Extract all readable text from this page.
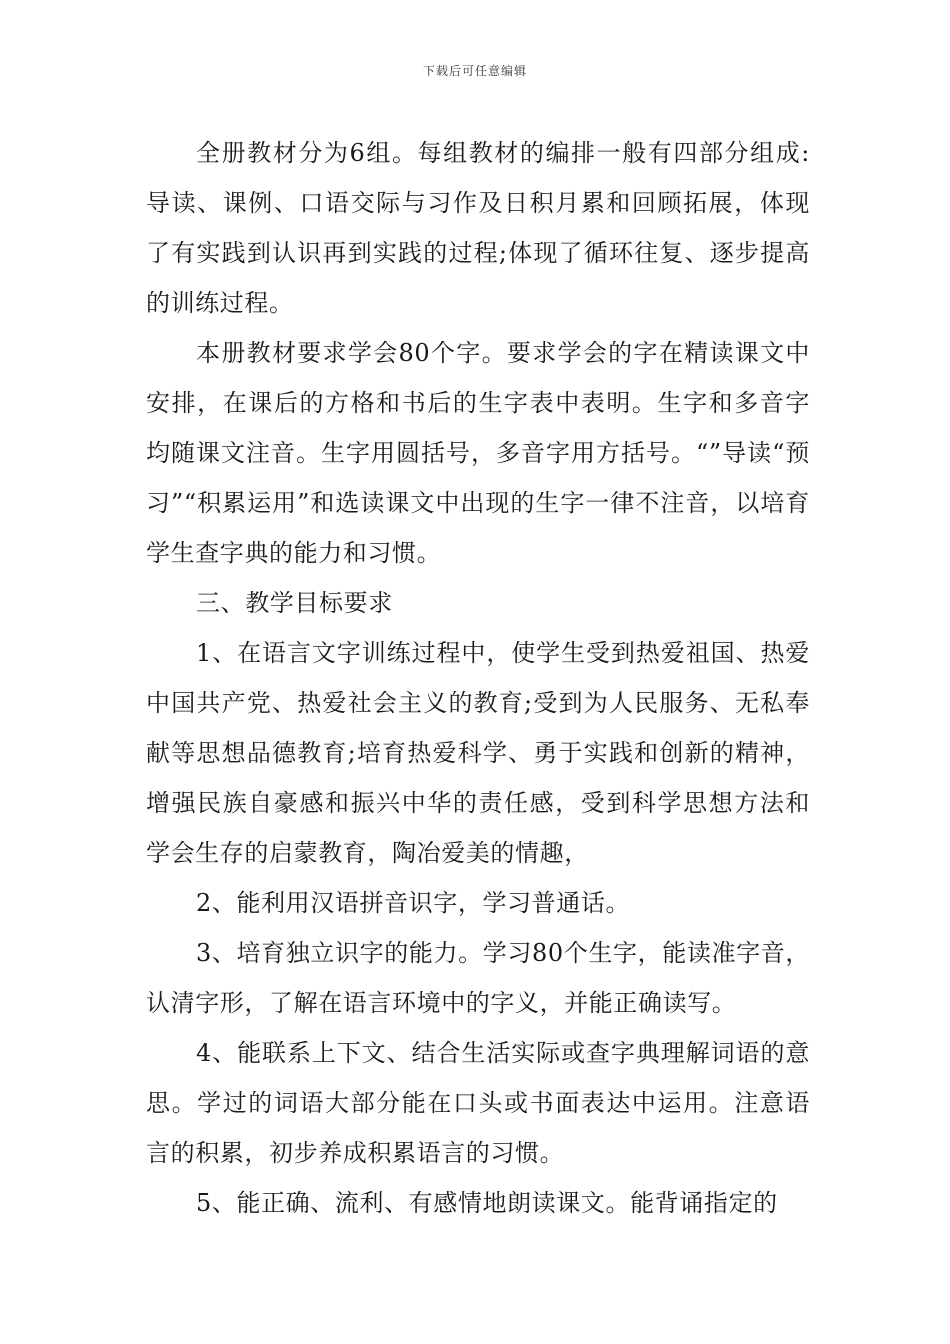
下载后可任意编辑

全册教材分为6组。每组教材的编排一般有四部分组成:导读、课例、口语交际与习作及日积月累和回顾拓展，体现了有实践到认识再到实践的过程;体现了循环往复、逐步提高的训练过程。

本册教材要求学会80个字。要求学会的字在精读课文中安排，在课后的方格和书后的生字表中表明。生字和多音字均随课文注音。生字用圆括号，多音字用方括号。“”导读“预习”“积累运用”和选读课文中出现的生字一律不注音，以培育学生查字典的能力和习惯。

三、教学目标要求

1、在语言文字训练过程中，使学生受到热爱祖国、热爱中国共产党、热爱社会主义的教育;受到为人民服务、无私奉献等思想品德教育;培育热爱科学、勇于实践和创新的精神，增强民族自豪感和振兴中华的责任感，受到科学思想方法和学会生存的启蒙教育，陶冶爱美的情趣，

2、能利用汉语拼音识字，学习普通话。

3、培育独立识字的能力。学习80个生字，能读准字音，认清字形，了解在语言环境中的字义，并能正确读写。

4、能联系上下文、结合生活实际或查字典理解词语的意思。学过的词语大部分能在口头或书面表达中运用。注意语言的积累，初步养成积累语言的习惯。

5、能正确、流利、有感情地朗读课文。能背诵指定的
